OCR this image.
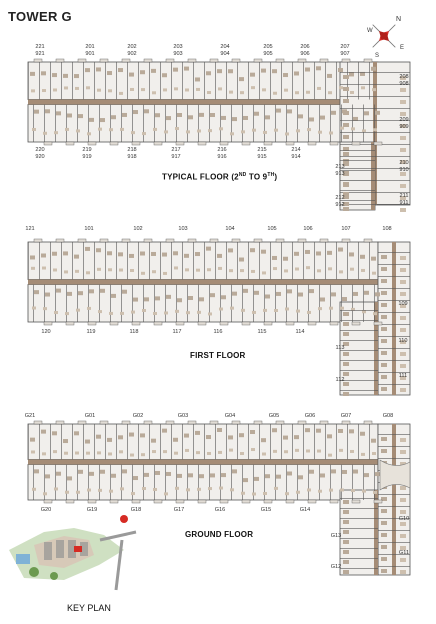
TOWER G	N
W
E
S
221
921
201
901
202
902
203
903
204
904
205
905
206
906
207
907
220
920
219
919
218
918
217
917
216
916
215
915
214
914
208
908
209
909
210
910
211
911
213
913
212
912
TYPICAL FLOOR (2ND TO 9TH)
121	101	102	103	104	105	106	107	108
120	119	118	117	116	115	114
109
110
111
113
112
FIRST FLOOR
G21	G01	G02	G03	G04	G05	G06	G07	G08
G20	G19	G18	G17	G16	G15	G14
G10
G11
G13
G12
GROUND FLOOR
KEY PLAN
